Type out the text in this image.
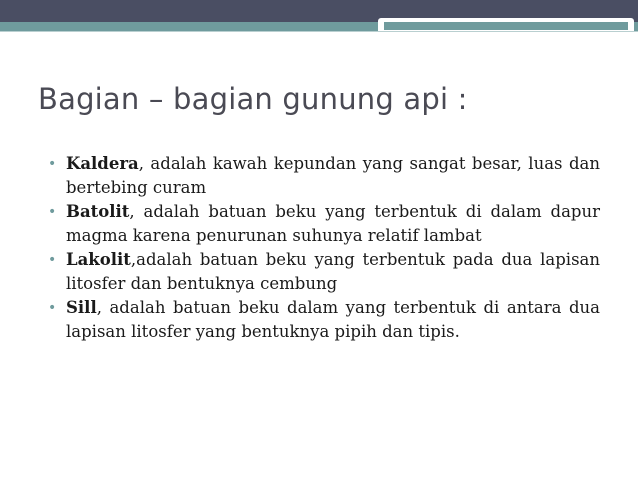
Bagian – bagian gunung api :
• Kaldera, adalah kawah kepundan yang sangat besar, luas dan bertebing curam
• Batolit, adalah batuan beku yang terbentuk di dalam dapur magma karena penurunan suhunya relatif lambat
• Lakolit,adalah batuan beku yang terbentuk pada dua lapisan litosfer dan bentuknya cembung
• Sill, adalah batuan beku dalam yang terbentuk di antara dua lapisan litosfer yang bentuknya pipih dan tipis.
